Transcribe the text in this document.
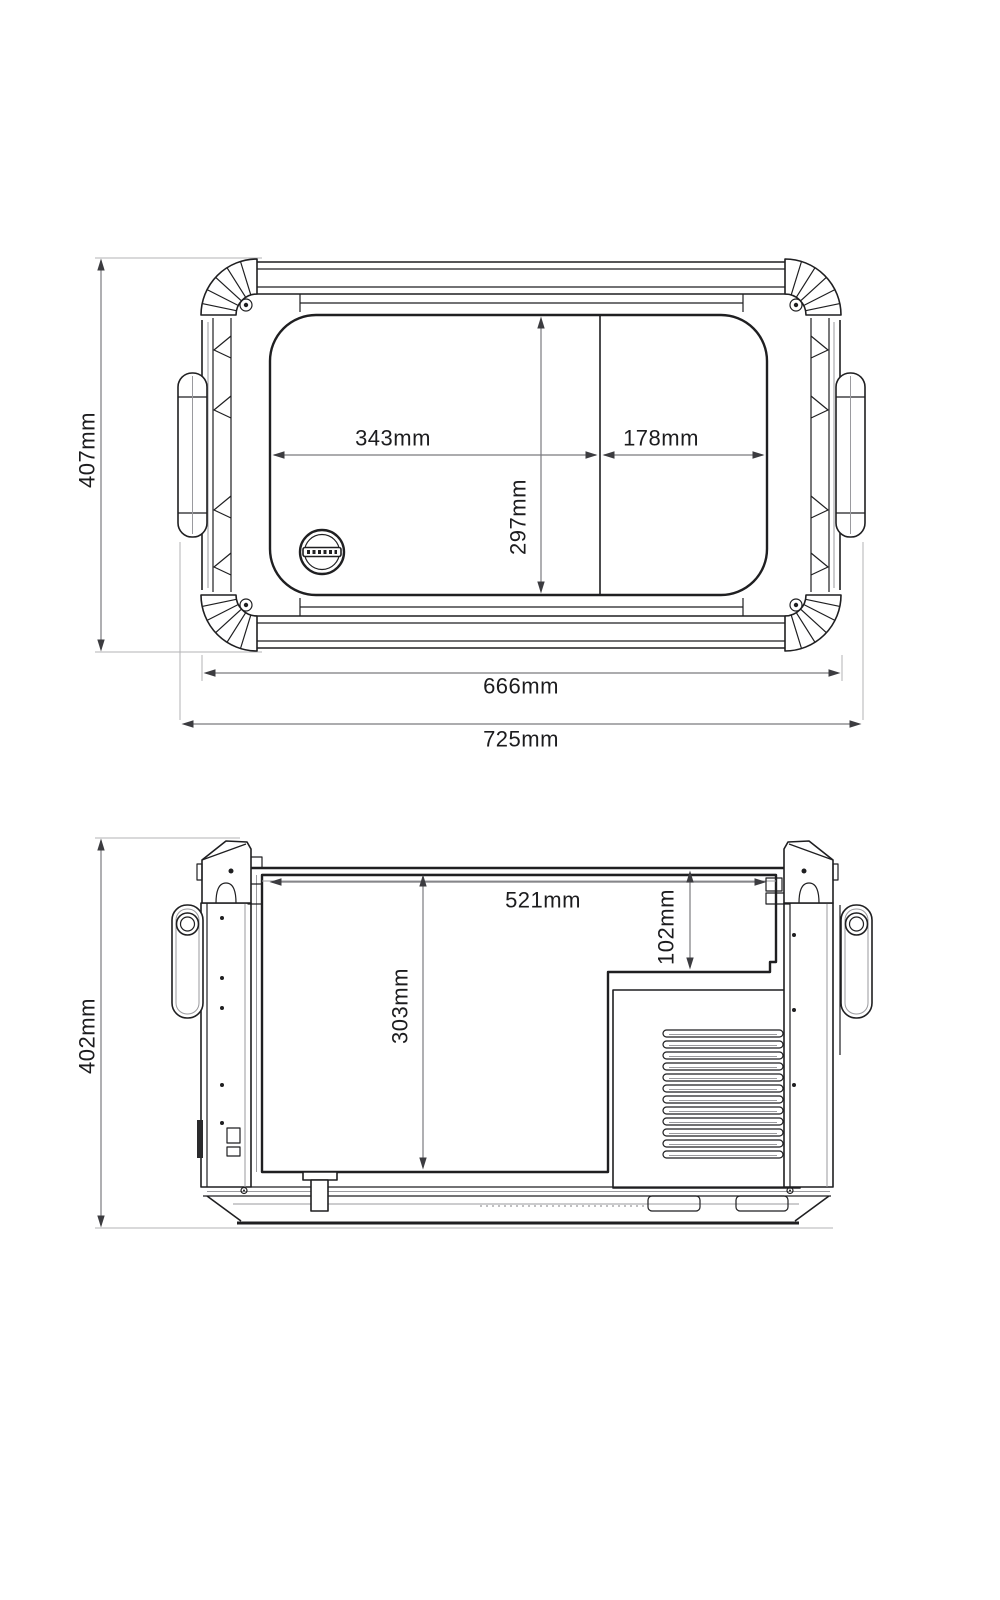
407mm	343mm	178mm
297mm
666mm
725mm
402mm
521mm
303mm
102mm
